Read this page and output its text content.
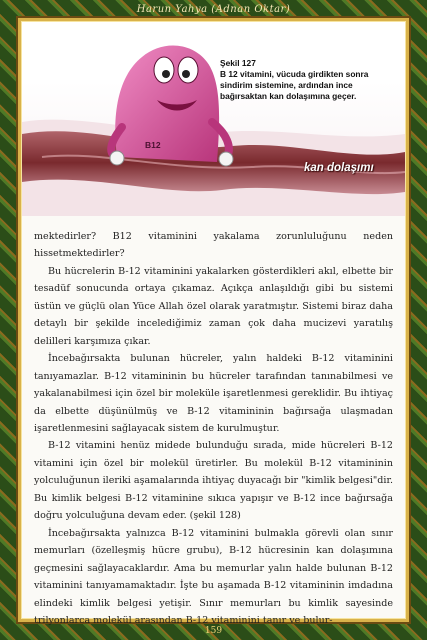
Harun Yahya (Adnan Oktar)
B12
Şekil 127
B 12 vitamini, vücuda girdikten sonra sindirim sistemine, ardından ince bağırsaktan kan dolaşımına geçer.
kan dolaşımı

mektedirler? B12 vitaminini yakalama zorunluluğunu neden hissetmektedirler?

Bu hücrelerin B-12 vitaminini yakalarken gösterdikleri akıl, elbette bir tesadüf sonucunda ortaya çıkamaz. Açıkça anlaşıldığı gibi bu sistemi üstün ve güçlü olan Yüce Allah özel olarak yaratmıştır. Sistemi biraz daha detaylı bir şekilde incelediğimiz zaman çok daha mucizevi yaratılış delilleri karşımıza çıkar.

İncebağırsakta bulunan hücreler, yalın haldeki B-12 vitaminini tanıyamazlar. B-12 vitamininin bu hücreler tarafından tanınabilmesi ve yakalanabilmesi için özel bir moleküle işaretlenmesi gereklidir. Bu ihtiyaç da elbette düşünülmüş ve B-12 vitamininin bağırsağa ulaşmadan işaretlenmesini sağlayacak sistem de kurulmuştur.

B-12 vitamini henüz midede bulunduğu sırada, mide hücreleri B-12 vitamini için özel bir molekül üretirler. Bu molekül B-12 vitamininin yolculuğunun ileriki aşamalarında ihtiyaç duyacağı bir "kimlik belgesi"dir. Bu kimlik belgesi B-12 vitaminine sıkıca yapışır ve B-12 ince bağırsağa doğru yolculuğuna devam eder. (şekil 128)

İncebağırsakta yalnızca B-12 vitaminini bulmakla görevli olan sınır memurları (özelleşmiş hücre grubu), B-12 hücresinin kan dolaşımına geçmesini sağlayacaklardır. Ama bu memurlar yalın halde bulunan B-12 vitaminini tanıyamamaktadır. İşte bu aşamada B-12 vitamininin imdadına elindeki kimlik belgesi yetişir. Sınır memurları bu kimlik sayesinde trilyonlarca molekül arasından B-12 vitaminini tanır ve bulur-

159
